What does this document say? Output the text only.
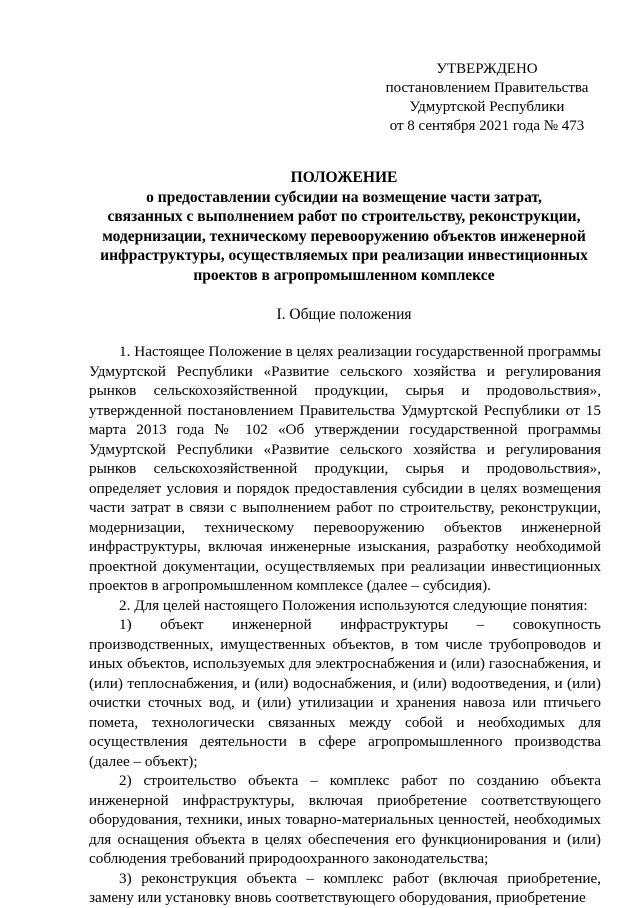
УТВЕРЖДЕНО
постановлением Правительства
Удмуртской Республики
от 8 сентября 2021 года № 473
ПОЛОЖЕНИЕ
о предоставлении субсидии на возмещение части затрат,
связанных с выполнением работ по строительству, реконструкции,
модернизации, техническому перевооружению объектов инженерной
инфраструктуры, осуществляемых при реализации инвестиционных
проектов в агропромышленном комплексе
I. Общие положения

1. Настоящее Положение в целях реализации государственной программы Удмуртской Республики «Развитие сельского хозяйства и регулирования рынков сельскохозяйственной продукции, сырья и продовольствия», утвержденной постановлением Правительства Удмуртской Республики от 15 марта 2013 года № 102 «Об утверждении государственной программы Удмуртской Республики «Развитие сельского хозяйства и регулирования рынков сельскохозяйственной продукции, сырья и продовольствия», определяет условия и порядок предоставления субсидии в целях возмещения части затрат в связи с выполнением работ по строительству, реконструкции, модернизации, техническому перевооружению объектов инженерной инфраструктуры, включая инженерные изыскания, разработку необходимой проектной документации, осуществляемых при реализации инвестиционных проектов в агропромышленном комплексе (далее – субсидия).

2. Для целей настоящего Положения используются следующие понятия:

1) объект инженерной инфраструктуры – совокупность производственных, имущественных объектов, в том числе трубопроводов и иных объектов, используемых для электроснабжения и (или) газоснабжения, и (или) теплоснабжения, и (или) водоснабжения, и (или) водоотведения, и (или) очистки сточных вод, и (или) утилизации и хранения навоза или птичьего помета, технологически связанных между собой и необходимых для осуществления деятельности в сфере агропромышленного производства (далее – объект);

2) строительство объекта – комплекс работ по созданию объекта инженерной инфраструктуры, включая приобретение соответствующего оборудования, техники, иных товарно-материальных ценностей, необходимых для оснащения объекта в целях обеспечения его функционирования и (или) соблюдения требований природоохранного законодательства;

3) реконструкция объекта – комплекс работ (включая приобретение, замену или установку вновь соответствующего оборудования, приобретение
